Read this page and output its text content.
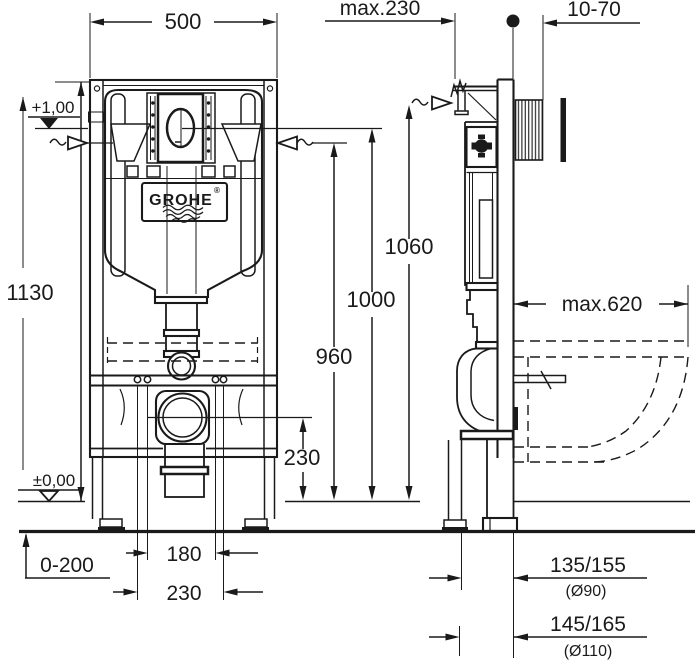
GROHE
®
500
max.230	10-70
1130
+1,00
±0,00
0-200
960
1000
1060
230
180
230
max.620
135/155
(Ø90)
145/165
(Ø110)
